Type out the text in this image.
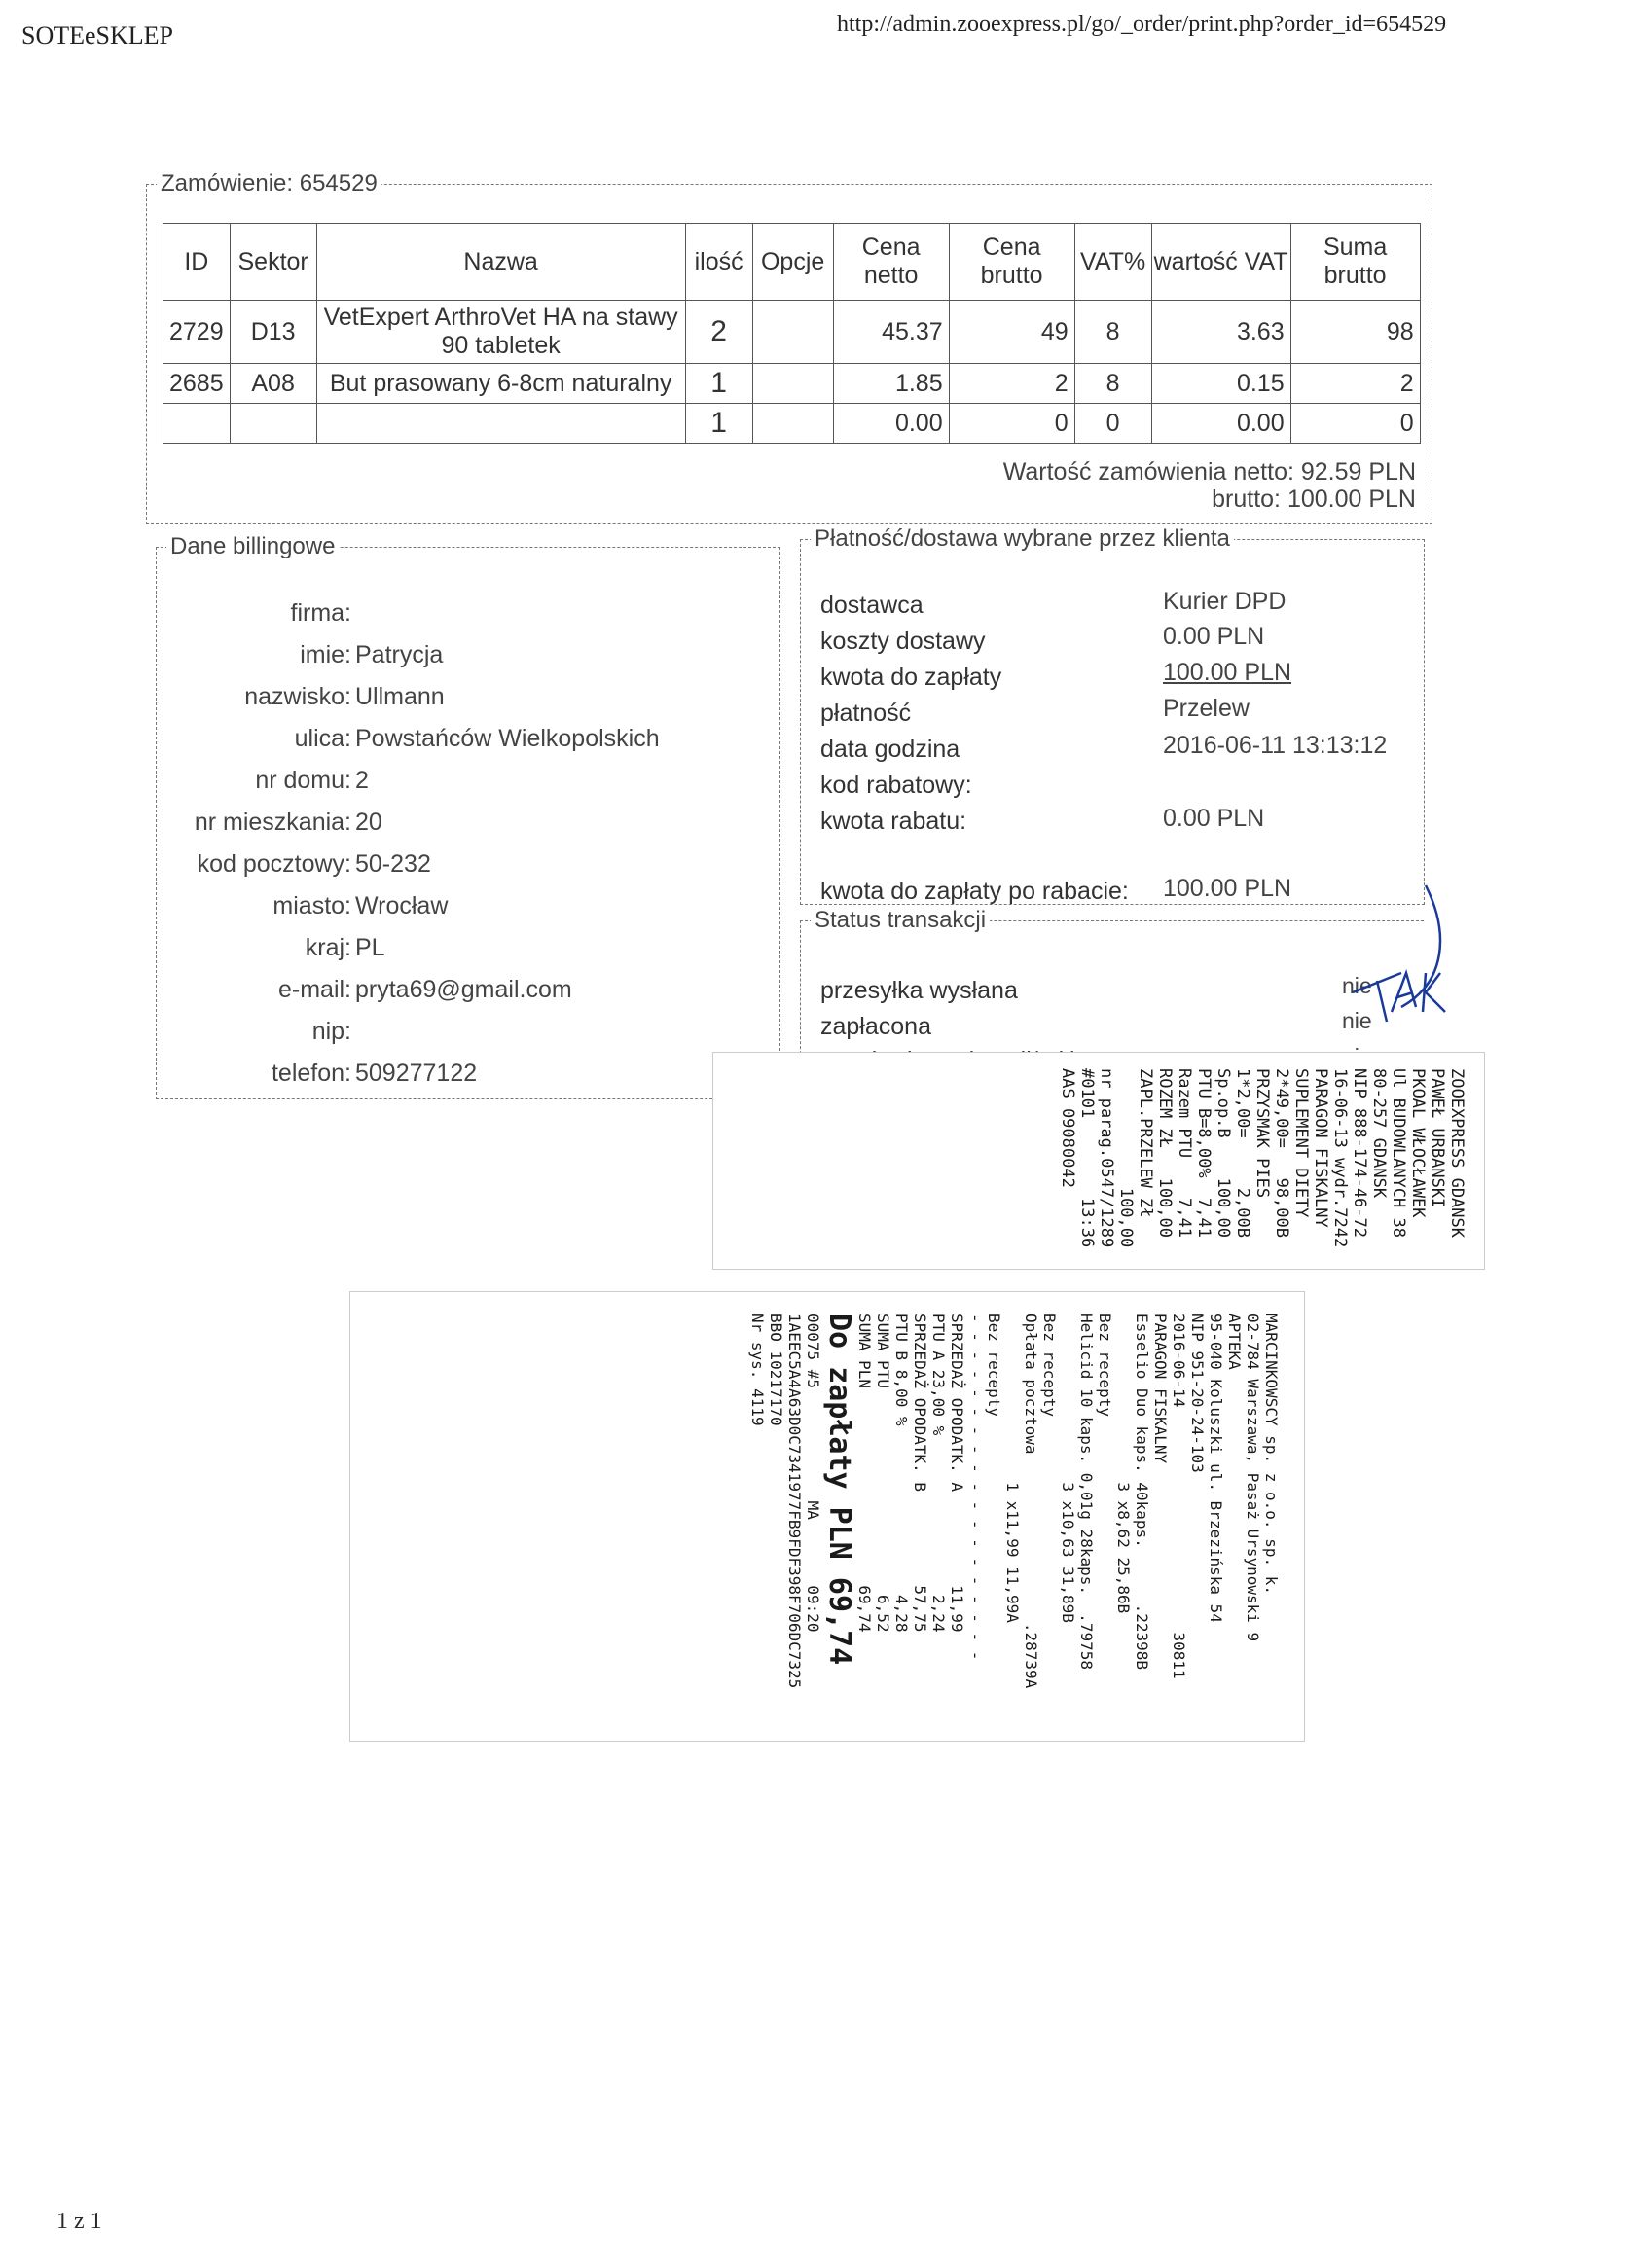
SOTEeSKLEP	http://admin.zooexpress.pl/go/_order/print.php?order_id=654529
Zamówienie: 654529
ID	Sektor	Nazwa	ilość	Opcje	Cena netto	Cena brutto	VAT%	wartość VAT	Suma brutto
2729	D13	VetExpert ArthroVet HA na stawy 90 tabletek	2		45.37	49	8	3.63	98
2685	A08	But prasowany 6-8cm naturalny	1		1.85	2	8	0.15	2
			1		0.00	0	0	0.00	0
Wartość zamówienia netto: 92.59 PLN
brutto: 100.00 PLN
Dane billingowe
firma:
imie: Patrycja
nazwisko: Ullmann
ulica: Powstańców Wielkopolskich
nr domu: 2
nr mieszkania: 20
kod pocztowy: 50-232
miasto: Wrocław
kraj: PL
e-mail: pryta69@gmail.com
nip:
telefon: 509277122
Płatność/dostawa wybrane przez klienta
dostawca	Kurier DPD
koszty dostawy	0.00 PLN
kwota do zapłaty	100.00 PLN
płatność	Przelew
data godzina	2016-06-11 13:13:12
kod rabatowy:
kwota rabatu:	0.00 PLN
kwota do zapłaty po rabacie: 100.00 PLN
Status transakcji
przesyłka wysłana	nie
zapłacona	nie
ZOOEXPRESS GDANSK
PAWEŁ URBANSKI
PKOAL WŁOCŁAWEK
Ul BUDOWLANYCH 38
80-257 GDANSK
NIP 888-174-46-72
16-06-13 wydr.7242
PARAGON FISKALNY
SUPLEMENT DIETY
2*49,00=   98,00B
PRZYSMAK PIES
1*2,00=     2,00B
Sp.op.B    100,00
PTU B=8,00%  7,41
Razem PTU    7,41
ROZEM ZŁ   100,00
ZAPL.PRZELEW Zł
100,00
nr parag.0547/1289
#0101        13:36
AAS 09080042
MARCINKOWSCY sp. z o.o. sp. k.
02-784 Warszawa, Pasaż Ursynowski 9
APTEKA
95-040 Koluszki ul. Brzezińska 54
NIP 951-20-24-103
2016-06-14                        30811
PARAGON FISKALNY
Esselio Duo kaps. 40kaps.      .22398B
3 x8,62 25,86B
Bez recepty
Helicid 10 kaps. 0,01g 28kaps.  .79758
3 x10,63 31,89B
Bez recepty
Opłata pocztowa                  .28739A
1 x11,99 11,99A
Bez recepty
- - - - - - - - - - - - - - - - - - -
SPRZEDAŻ OPODATK. A          11,99
PTU A 23,00 %                 2,24
SPRZEDAŻ OPODATK. B          57,75
PTU B 8,00 %                  4,28
SUMA PTU                      6,52
SUMA PLN                     69,74
Do zapłaty PLN 69,74
00075 #5            MA       09:20
1AEEC5A4A63D0C7341977FB9FDF398F706DC7325
BBO 10217170
Nr sys. 4119
1 z 1
